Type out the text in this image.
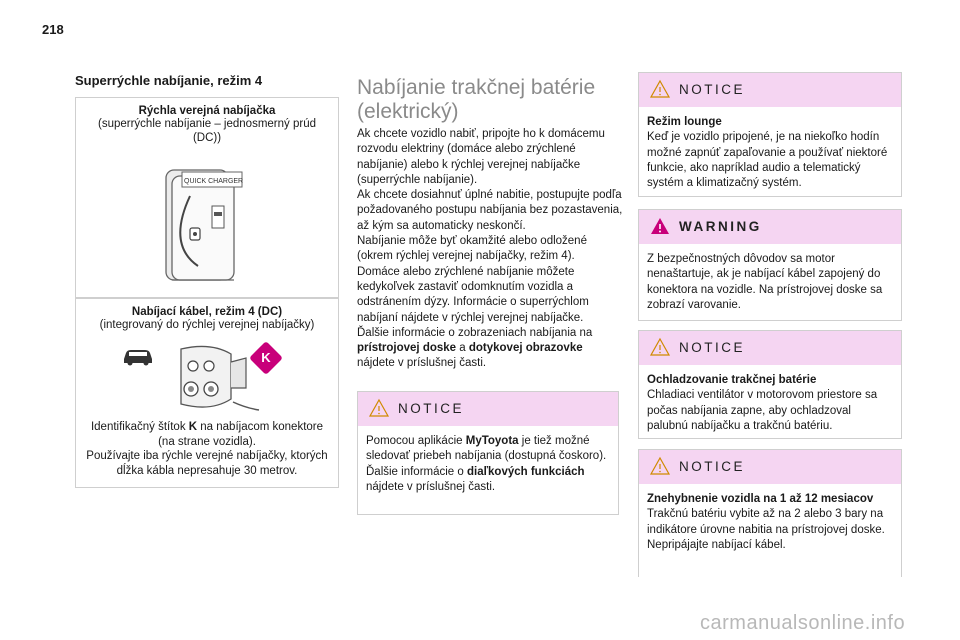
218
Superrýchle nabíjanie, režim 4
Rýchla verejná nabíjačka
(superrýchle nabíjanie – jednosmerný prúd (DC))
QUICK CHARGER
Nabíjací kábel, režim 4 (DC)
(integrovaný do rýchlej verejnej nabíjačky)
K
Identifikačný štítok K na nabíjacom konektore (na strane vozidla).
Používajte iba rýchle verejné nabíjačky, ktorých dĺžka kábla nepresahuje 30 metrov.
Nabíjanie trakčnej batérie (elektrický)

Ak chcete vozidlo nabiť, pripojte ho k domácemu rozvodu elektriny (domáce alebo zrýchlené nabíjanie) alebo k rýchlej verejnej nabíjačke (superrýchle nabíjanie).

Ak chcete dosiahnuť úplné nabitie, postupujte podľa požadovaného postupu nabíjania bez pozastavenia, až kým sa automaticky neskončí.

Nabíjanie môže byť okamžité alebo odložené (okrem rýchlej verejnej nabíjačky, režim 4).

Domáce alebo zrýchlené nabíjanie môžete kedykoľvek zastaviť odomknutím vozidla a odstránením dýzy. Informácie o superrýchlom nabíjaní nájdete v rýchlej verejnej nabíjačke.

Ďalšie informácie o zobrazeniach nabíjania na prístrojovej doske a dotykovej obrazovke nájdete v príslušnej časti.

NOTICE
Pomocou aplikácie MyToyota je tiež možné sledovať priebeh nabíjania (dostupná čoskoro).
Ďalšie informácie o diaľkových funkciách nájdete v príslušnej časti.
NOTICE
Režim lounge
Keď je vozidlo pripojené, je na niekoľko hodín možné zapnúť zapaľovanie a používať niektoré funkcie, ako napríklad audio a telematický systém a klimatizačný systém.
WARNING
Z bezpečnostných dôvodov sa motor nenaštartuje, ak je nabíjací kábel zapojený do konektora na vozidle. Na prístrojovej doske sa zobrazí varovanie.
NOTICE
Ochladzovanie trakčnej batérie
Chladiaci ventilátor v motorovom priestore sa počas nabíjania zapne, aby ochladzoval palubnú nabíjačku a trakčnú batériu.
NOTICE
Znehybnenie vozidla na 1 až 12 mesiacov
Trakčnú batériu vybite až na 2 alebo 3 bary na indikátore úrovne nabitia na prístrojovej doske.
Nepripájajte nabíjací kábel.
carmanualsonline.info
